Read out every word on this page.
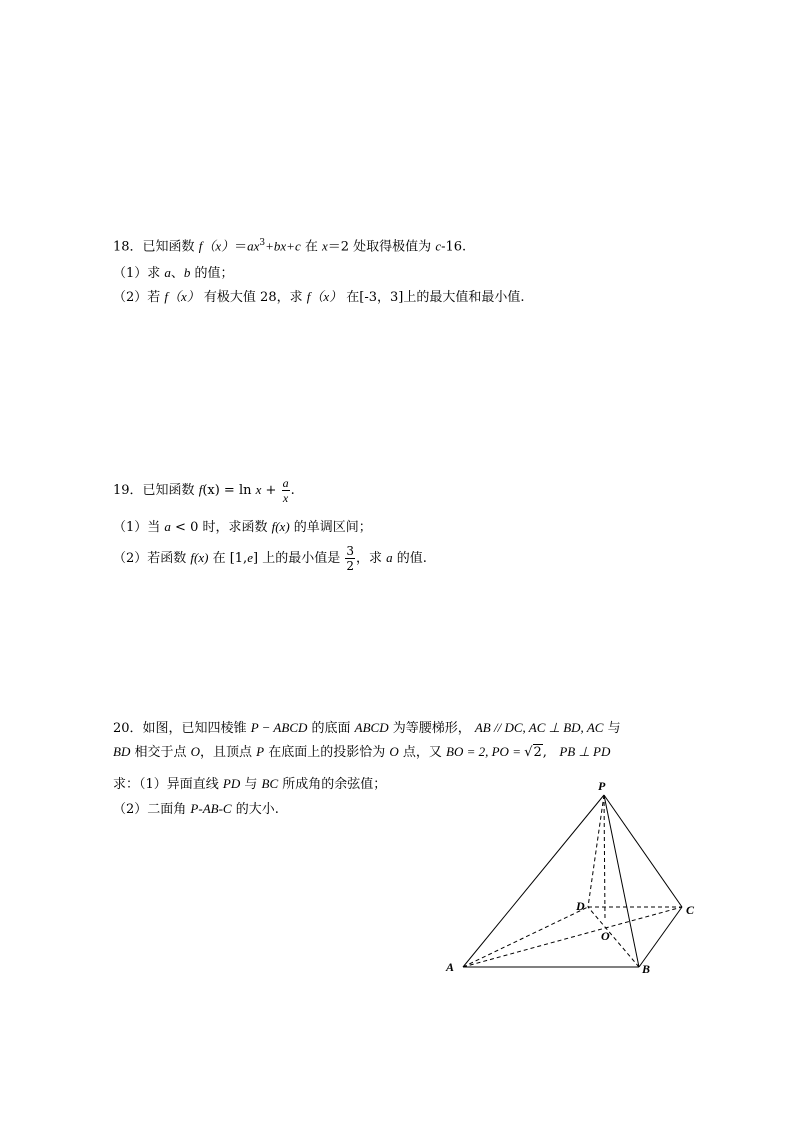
18．已知函数 $f(x)=ax^3+bx+c$ 在 x＝2 处取得极值为 c-16.
（1）求 a、b 的值；
（2）若 f（x） 有极大值 28，求 f（x） 在[-3，3]上的最大值和最小值.
19．已知函数 $f(x) = \ln x + \frac{a}{x}$ .
（1）当 a < 0 时，求函数 f(x) 的单调区间；
（2）若函数 f(x) 在 [1,e] 上的最小值是 $\frac{3}{2}$ ，求 a 的值.
20．如图，已知四棱锥 P − ABCD 的底面 ABCD 为等腰梯形， AB // DC, AC ⊥ BD, AC 与
BD 相交于点 O，且顶点 P 在底面上的投影恰为 O 点，又 BO = 2, PO = √2, PB ⊥ PD
求：（1）异面直线 PD 与 BC 所成角的余弦值；
（2）二面角 P-AB-C 的大小.
P
A	B
C
D
O
